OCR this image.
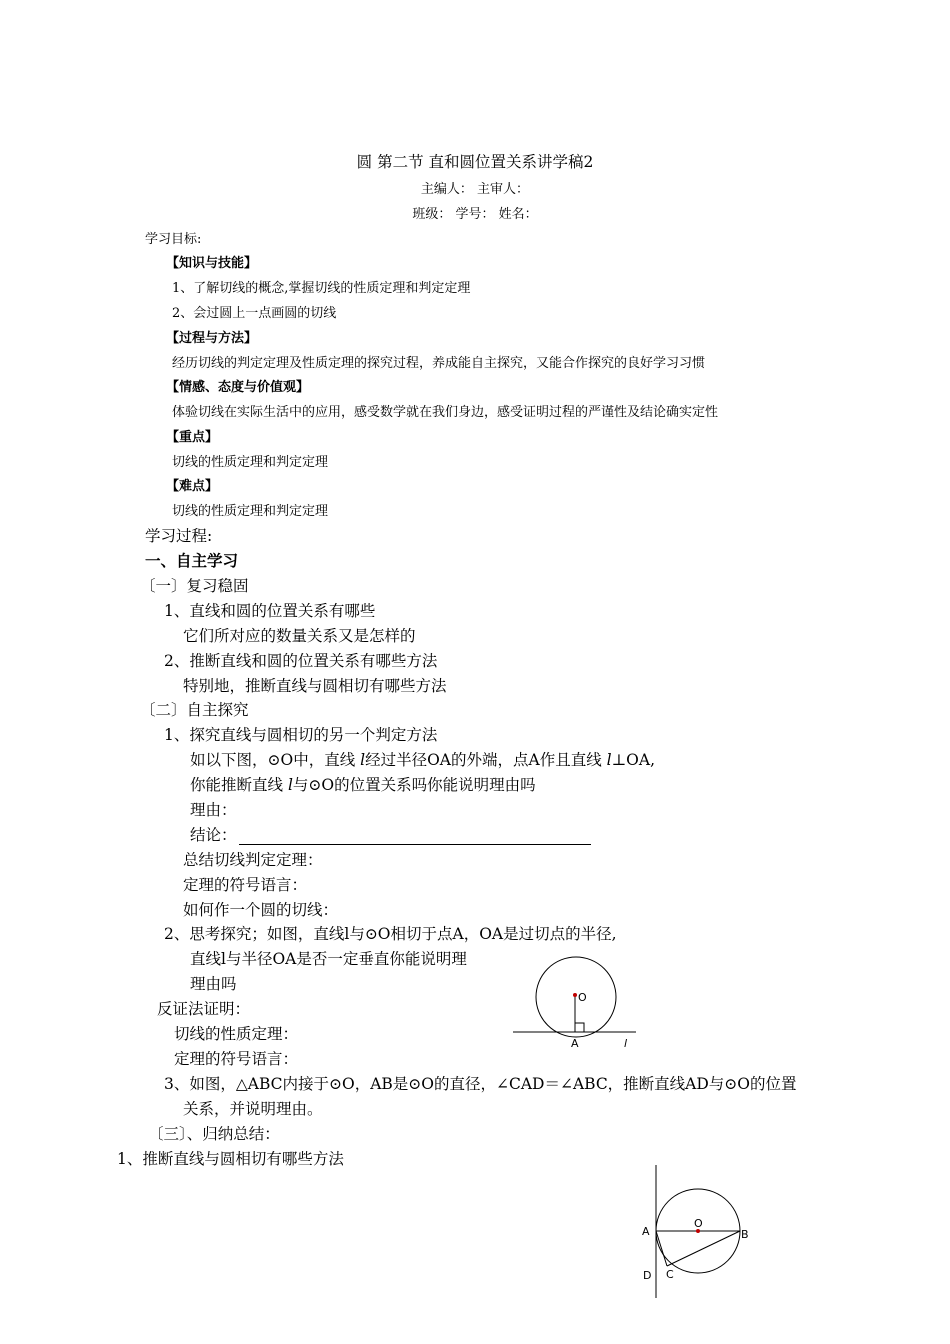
圆 第二节 直和圆位置关系讲学稿2
主编人： 主审人：
班级： 学号： 姓名：
学习目标:
【知识与技能】
1、了解切线的概念,掌握切线的性质定理和判定定理
2、会过圆上一点画圆的切线
【过程与方法】
经历切线的判定定理及性质定理的探究过程，养成能自主探究，又能合作探究的良好学习习惯
【情感、态度与价值观】
体验切线在实际生活中的应用，感受数学就在我们身边，感受证明过程的严谨性及结论确实定性
【重点】
切线的性质定理和判定定理
【难点】
切线的性质定理和判定定理
学习过程:
一、自主学习
〔一〕复习稳固
1、直线和圆的位置关系有哪些
它们所对应的数量关系又是怎样的
2、推断直线和圆的位置关系有哪些方法
特别地，推断直线与圆相切有哪些方法
〔二〕自主探究
1、探究直线与圆相切的另一个判定方法
如以下图，⊙O中，直线 l经过半径OA的外端，点A作且直线 l⊥OA,
你能推断直线 l与⊙O的位置关系吗你能说明理由吗
理由：
结论：
总结切线判定定理：
定理的符号语言：
如何作一个圆的切线：
2、思考探究；如图，直线l与⊙O相切于点A，OA是过切点的半径,
直线l与半径OA是否一定垂直你能说明理
理由吗
反证法证明：
切线的性质定理：
定理的符号语言：
3、如图，△ABC内接于⊙O，AB是⊙O的直径，∠CAD＝∠ABC，推断直线AD与⊙O的位置
关系，并说明理由。
〔三〕、归纳总结：
1、推断直线与圆相切有哪些方法
O
A	l
O
A	B
C
D
